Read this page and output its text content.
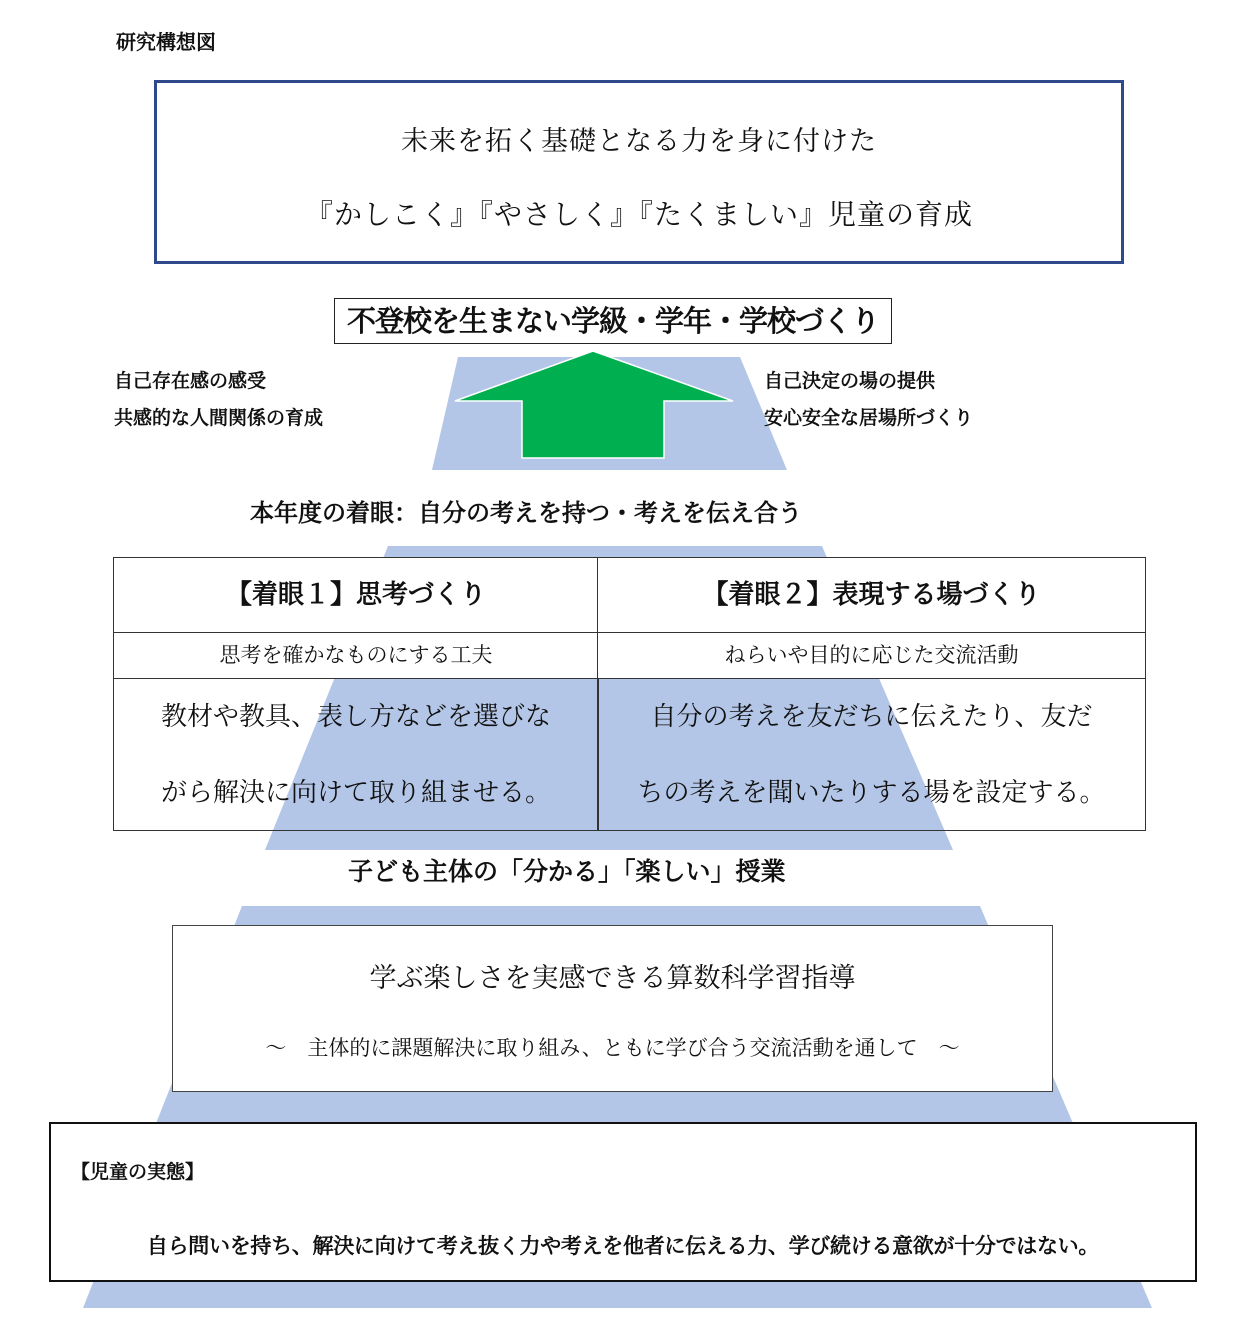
研究構想図
未来を拓く基礎となる力を身に付けた
『かしこく』『やさしく』『たくましい』児童の育成
不登校を生まない学級・学年・学校づくり
自己存在感の感受
共感的な人間関係の育成
自己決定の場の提供
安心安全な居場所づくり
本年度の着眼：自分の考えを持つ・考えを伝え合う
【着眼１】思考づくり	【着眼２】表現する場づくり
思考を確かなものにする工夫	ねらいや目的に応じた交流活動
教材や教具、表し方などを選びな
がら解決に向けて取り組ませる。
自分の考えを友だちに伝えたり、友だ
ちの考えを聞いたりする場を設定する。
子ども主体の「分かる」「楽しい」授業
学ぶ楽しさを実感できる算数科学習指導
～　主体的に課題解決に取り組み、ともに学び合う交流活動を通して　～
【児童の実態】
自ら問いを持ち、解決に向けて考え抜く力や考えを他者に伝える力、学び続ける意欲が十分ではない。
